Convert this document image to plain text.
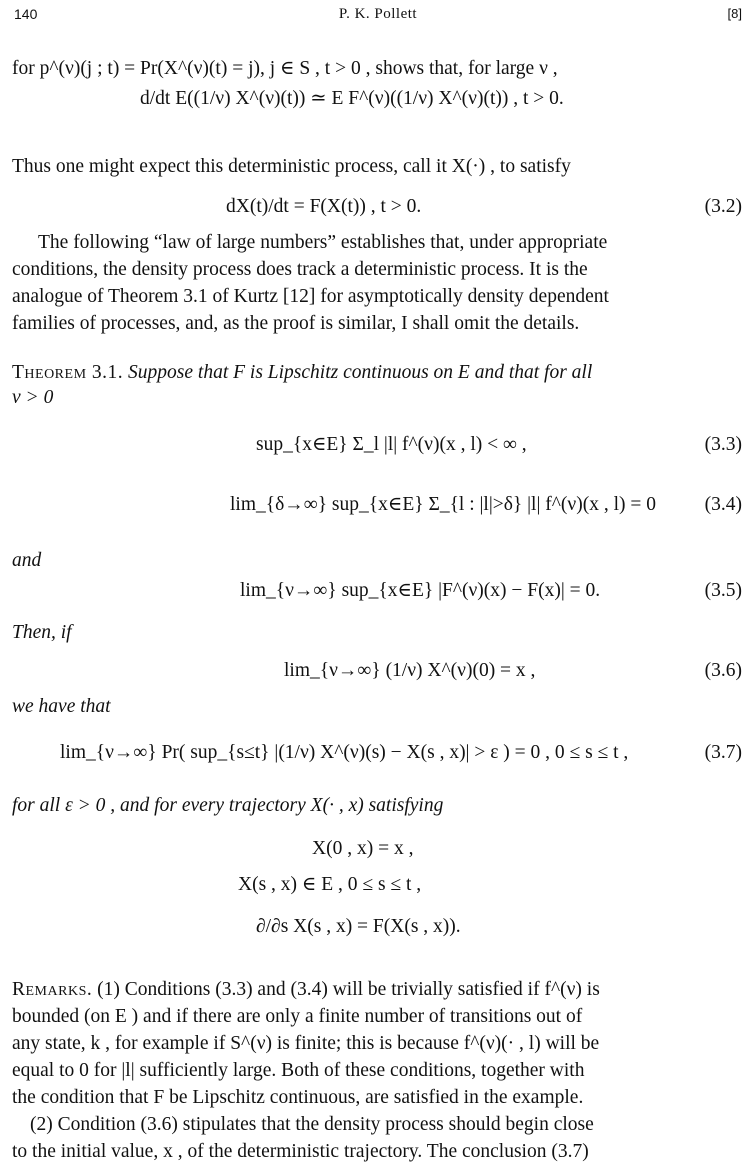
140	P. K. Pollett	[8]
for p^(ν)(j ; t) = Pr(X^(ν)(t) = j), j ∈ S , t > 0 , shows that, for large ν ,
d/dt E((1/ν) X^(ν)(t)) ≃ E F^(ν)((1/ν) X^(ν)(t)) , t > 0.
Thus one might expect this deterministic process, call it X(·) , to satisfy
dX(t)/dt = F(X(t)) , t > 0.	(3.2)
The following “law of large numbers” establishes that, under appropriate
conditions, the density process does track a deterministic process. It is the
analogue of Theorem 3.1 of Kurtz [12] for asymptotically density dependent
families of processes, and, as the proof is similar, I shall omit the details.
Theorem 3.1. Suppose that F is Lipschitz continuous on E and that for all
ν > 0
sup_{x∈E} Σ_l |l| f^(ν)(x , l) < ∞ ,	(3.3)
lim_{δ→∞} sup_{x∈E} Σ_{l : |l|>δ} |l| f^(ν)(x , l) = 0 (3.4)
and
lim_{ν→∞} sup_{x∈E} |F^(ν)(x) − F(x)| = 0.	(3.5)
Then, if
lim_{ν→∞} (1/ν) X^(ν)(0) = x ,	(3.6)
we have that
lim_{ν→∞} Pr( sup_{s≤t} |(1/ν) X^(ν)(s) − X(s , x)| > ε ) = 0 , 0 ≤ s ≤ t ,	(3.7)
for all ε > 0 , and for every trajectory X(· , x) satisfying
X(0 , x) = x ,
X(s , x) ∈ E , 0 ≤ s ≤ t ,
∂/∂s X(s , x) = F(X(s , x)).
Remarks. (1) Conditions (3.3) and (3.4) will be trivially satisfied if f^(ν) is
bounded (on E ) and if there are only a finite number of transitions out of
any state, k , for example if S^(ν) is finite; this is because f^(ν)(· , l) will be
equal to 0 for |l| sufficiently large. Both of these conditions, together with
the condition that F be Lipschitz continuous, are satisfied in the example.
(2) Condition (3.6) stipulates that the density process should begin close
to the initial value, x , of the deterministic trajectory. The conclusion (3.7)
